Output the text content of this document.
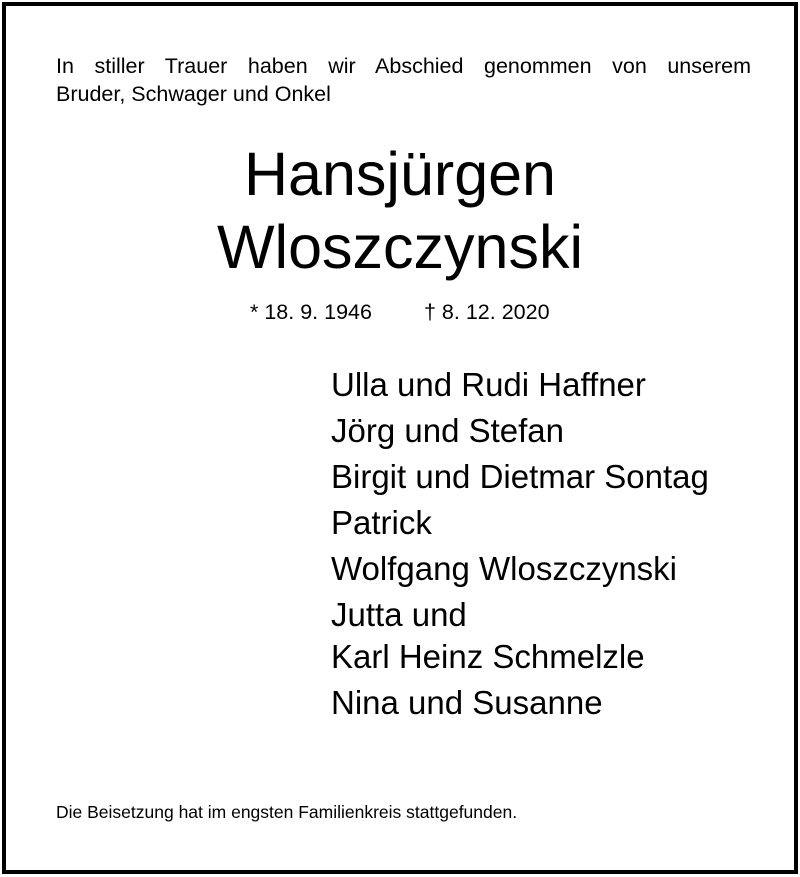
In stiller Trauer haben wir Abschied genommen von unserem
Bruder, Schwager und Onkel

Hansjürgen
Wloszczynski
* 18. 9. 1946 † 8. 12. 2020
Ulla und Rudi Haffner
Jörg und Stefan
Birgit und Dietmar Sontag
Patrick
Wolfgang Wloszczynski
Jutta und
Karl Heinz Schmelzle
Nina und Susanne

Die Beisetzung hat im engsten Familienkreis stattgefunden.
